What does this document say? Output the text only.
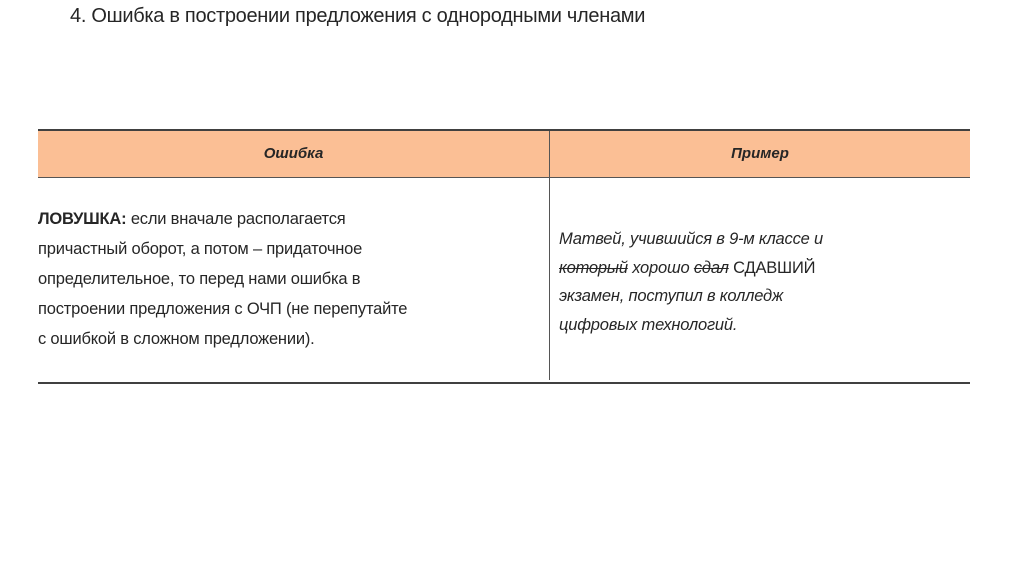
4. Ошибка в построении предложения с однородными членами
Ошибка	Пример
ЛОВУШКА: если вначале располагается
причастный оборот, а потом – придаточное
определительное, то перед нами ошибка в
построении предложения с ОЧП (не перепутайте
с ошибкой в сложном предложении).
Матвей, учившийся в 9-м классе и
который хорошо сдал СДАВШИЙ
экзамен, поступил в колледж
цифровых технологий.
